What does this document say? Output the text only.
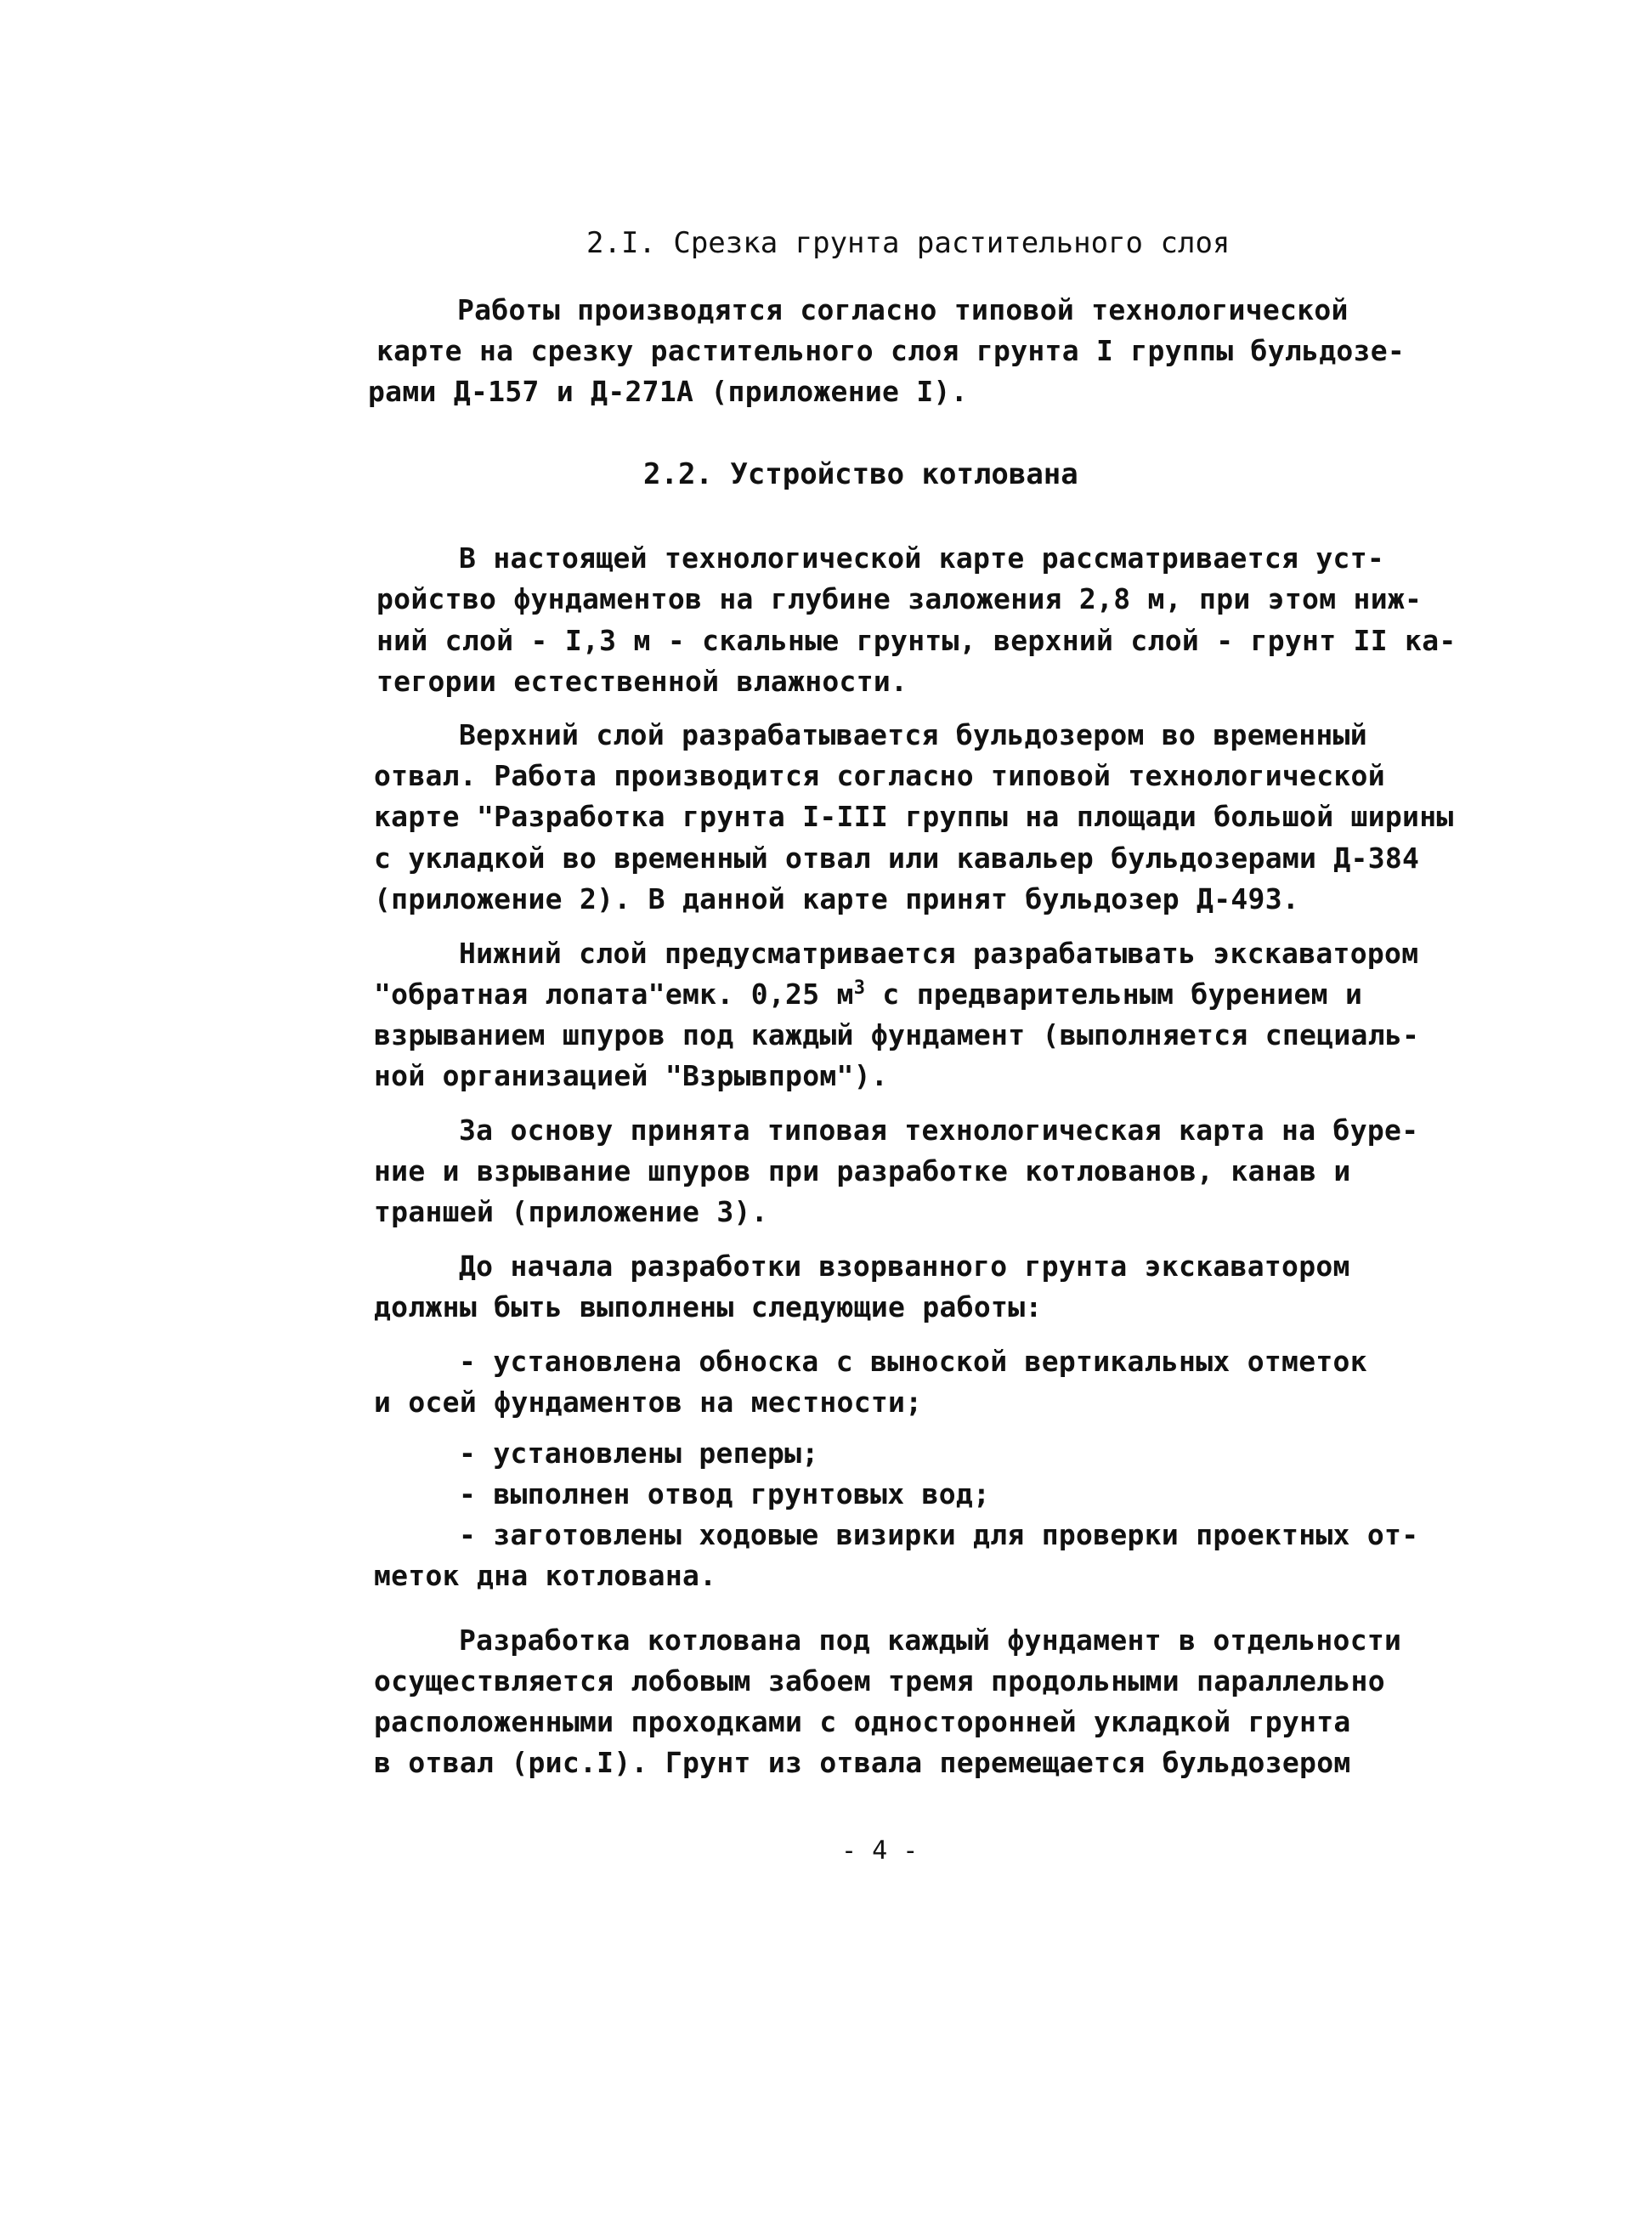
2.I. Срезка грунта растительного слоя
Работы производятся согласно типовой технологической
карте на срезку растительного слоя грунта I группы бульдозе-
рами Д-157 и Д-271А (приложение I).
2.2. Устройство котлована
В настоящей технологической карте рассматривается уст-
ройство фундаментов на глубине заложения 2,8 м, при этом ниж-
ний слой - I,3 м - скальные грунты, верхний слой - грунт II ка-
тегории естественной влажности.
Верхний слой разрабатывается бульдозером во временный
отвал. Работа производится согласно типовой технологической
карте "Разработка грунта I-III группы на площади большой ширины
с укладкой во временный отвал или кавальер бульдозерами Д-384
(приложение 2). В данной карте принят бульдозер Д-493.
Нижний слой предусматривается разрабатывать экскаватором
"обратная лопата"емк. 0,25 $м^3$ с предварительным бурением и
взрыванием шпуров под каждый фундамент (выполняется специаль-
ной организацией "Взрывпром").
За основу принята типовая технологическая карта на буре-
ние и взрывание шпуров при разработке котлованов, канав и
траншей (приложение 3).
До начала разработки взорванного грунта экскаватором
должны быть выполнены следующие работы:
- установлена обноска с выноской вертикальных отметок
и осей фундаментов на местности;
- установлены реперы;
- выполнен отвод грунтовых вод;
- заготовлены ходовые визирки для проверки проектных от-
меток дна котлована.
Разработка котлована под каждый фундамент в отдельности
осуществляется лобовым забоем тремя продольными параллельно
расположенными проходками с односторонней укладкой грунта
в отвал (рис.I). Грунт из отвала перемещается бульдозером
- 4 -
